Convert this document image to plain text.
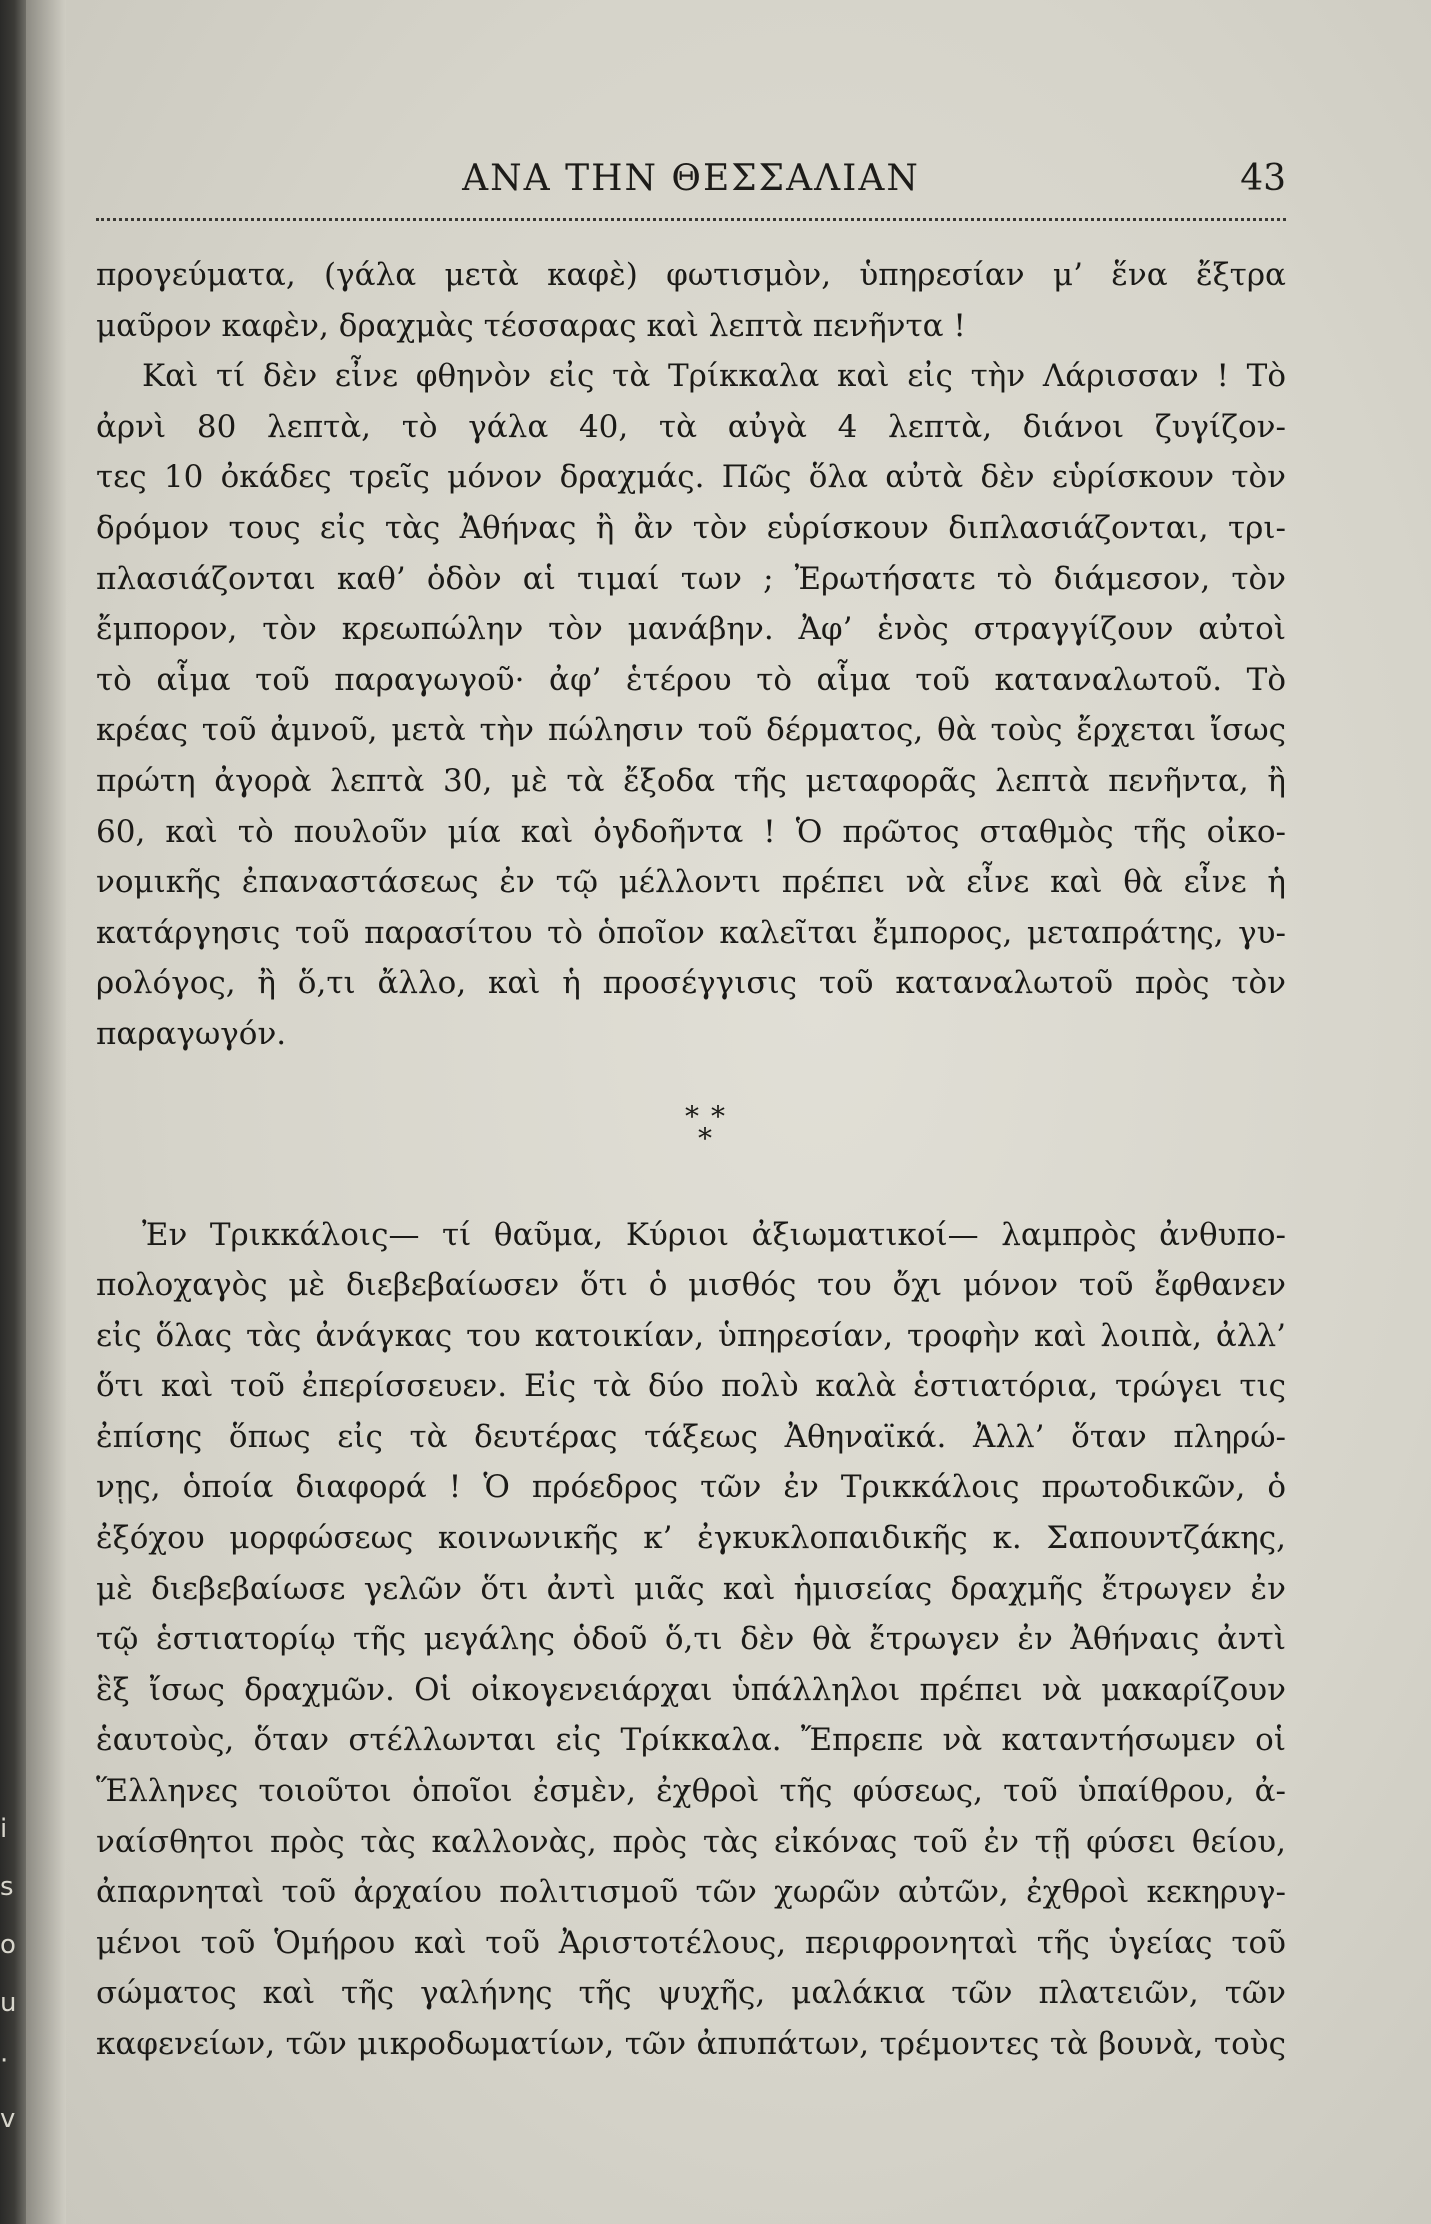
i
s
o
u
·
v
ΑΝΑ ΤΗΝ ΘΕΣΣΑΛΙΑΝ	43
προγεύματα, (γάλα μετὰ καφὲ) φωτισμὸν, ὑπηρεσίαν μ’ ἕνα ἔξτρα
μαῦρον καφὲν, δραχμὰς τέσσαρας καὶ λεπτὰ πενῆντα !
Καὶ τί δὲν εἶνε φθηνὸν εἰς τὰ Τρίκκαλα καὶ εἰς τὴν Λάρισσαν ! Τὸ
ἀρνὶ 80 λεπτὰ, τὸ γάλα 40, τὰ αὐγὰ 4 λεπτὰ, διάνοι ζυγίζον-
τες 10 ὀκάδες τρεῖς μόνον δραχμάς. Πῶς ὅλα αὐτὰ δὲν εὑρίσκουν τὸν
δρόμον τους εἰς τὰς Ἀθήνας ἢ ἂν τὸν εὑρίσκουν διπλασιάζονται, τρι-
πλασιάζονται καθ’ ὁδὸν αἱ τιμαί των ; Ἐρωτήσατε τὸ διάμεσον, τὸν
ἔμπορον, τὸν κρεωπώλην τὸν μανάβην. Ἀφ’ ἑνὸς στραγγίζουν αὐτοὶ
τὸ αἷμα τοῦ παραγωγοῦ· ἀφ’ ἑτέρου τὸ αἷμα τοῦ καταναλωτοῦ. Τὸ
κρέας τοῦ ἀμνοῦ, μετὰ τὴν πώλησιν τοῦ δέρματος, θὰ τοὺς ἔρχεται ἴσως
πρώτη ἀγορὰ λεπτὰ 30, μὲ τὰ ἔξοδα τῆς μεταφορᾶς λεπτὰ πενῆντα, ἢ
60, καὶ τὸ πουλοῦν μία καὶ ὀγδοῆντα ! Ὁ πρῶτος σταθμὸς τῆς οἰκο-
νομικῆς ἐπαναστάσεως ἐν τῷ μέλλοντι πρέπει νὰ εἶνε καὶ θὰ εἶνε ἡ
κατάργησις τοῦ παρασίτου τὸ ὁποῖον καλεῖται ἔμπορος, μεταπράτης, γυ-
ρολόγος, ἢ ὅ,τι ἄλλο, καὶ ἡ προσέγγισις τοῦ καταναλωτοῦ πρὸς τὸν
παραγωγόν.
* *
*
Ἐν Τρικκάλοις— τί θαῦμα, Κύριοι ἀξιωματικοί— λαμπρὸς ἀνθυπο-
πολοχαγὸς μὲ διεβεβαίωσεν ὅτι ὁ μισθός του ὄχι μόνον τοῦ ἔφθανεν
εἰς ὅλας τὰς ἀνάγκας του κατοικίαν, ὑπηρεσίαν, τροφὴν καὶ λοιπὰ, ἀλλ’
ὅτι καὶ τοῦ ἐπερίσσευεν. Εἰς τὰ δύο πολὺ καλὰ ἑστιατόρια, τρώγει τις
ἐπίσης ὅπως εἰς τὰ δευτέρας τάξεως Ἀθηναϊκά. Ἀλλ’ ὅταν πληρώ-
νῃς, ὁποία διαφορά ! Ὁ πρόεδρος τῶν ἐν Τρικκάλοις πρωτοδικῶν, ὁ
ἐξόχου μορφώσεως κοινωνικῆς κ’ ἐγκυκλοπαιδικῆς κ. Σαπουντζάκης,
μὲ διεβεβαίωσε γελῶν ὅτι ἀντὶ μιᾶς καὶ ἡμισείας δραχμῆς ἔτρωγεν ἐν
τῷ ἑστιατορίῳ τῆς μεγάλης ὁδοῦ ὅ,τι δὲν θὰ ἔτρωγεν ἐν Ἀθήναις ἀντὶ
ἓξ ἴσως δραχμῶν. Οἱ οἰκογενειάρχαι ὑπάλληλοι πρέπει νὰ μακαρίζουν
ἑαυτοὺς, ὅταν στέλλωνται εἰς Τρίκκαλα. Ἔπρεπε νὰ καταντήσωμεν οἱ
Ἕλληνες τοιοῦτοι ὁποῖοι ἐσμὲν, ἐχθροὶ τῆς φύσεως, τοῦ ὑπαίθρου, ἀ-
ναίσθητοι πρὸς τὰς καλλονὰς, πρὸς τὰς εἰκόνας τοῦ ἐν τῇ φύσει θείου,
ἀπαρνηταὶ τοῦ ἀρχαίου πολιτισμοῦ τῶν χωρῶν αὐτῶν, ἐχθροὶ κεκηρυγ-
μένοι τοῦ Ὁμήρου καὶ τοῦ Ἀριστοτέλους, περιφρονηταὶ τῆς ὑγείας τοῦ
σώματος καὶ τῆς γαλήνης τῆς ψυχῆς, μαλάκια τῶν πλατειῶν, τῶν
καφενείων, τῶν μικροδωματίων, τῶν ἀπυπάτων, τρέμοντες τὰ βουνὰ, τοὺς
